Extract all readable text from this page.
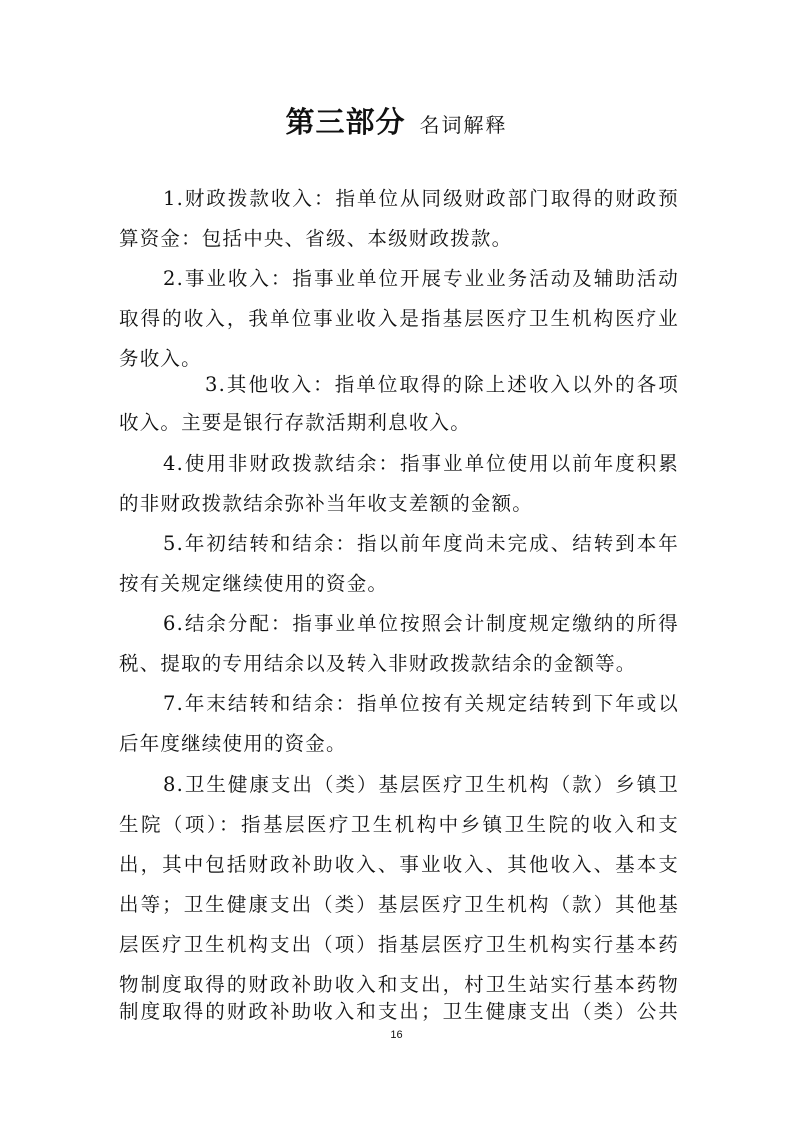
第三部分 名词解释
1.财政拨款收入：指单位从同级财政部门取得的财政预
算资金：包括中央、省级、本级财政拨款。
2.事业收入：指事业单位开展专业业务活动及辅助活动
取得的收入，我单位事业收入是指基层医疗卫生机构医疗业
务收入。
3.其他收入：指单位取得的除上述收入以外的各项
收入。主要是银行存款活期利息收入。
4.使用非财政拨款结余：指事业单位使用以前年度积累
的非财政拨款结余弥补当年收支差额的金额。
5.年初结转和结余：指以前年度尚未完成、结转到本年
按有关规定继续使用的资金。
6.结余分配：指事业单位按照会计制度规定缴纳的所得
税、提取的专用结余以及转入非财政拨款结余的金额等。
7.年末结转和结余：指单位按有关规定结转到下年或以
后年度继续使用的资金。
8.卫生健康支出（类）基层医疗卫生机构（款）乡镇卫
生院（项）：指基层医疗卫生机构中乡镇卫生院的收入和支
出，其中包括财政补助收入、事业收入、其他收入、基本支
出等；卫生健康支出（类）基层医疗卫生机构（款）其他基
层医疗卫生机构支出（项）指基层医疗卫生机构实行基本药
物制度取得的财政补助收入和支出，村卫生站实行基本药物
制度取得的财政补助收入和支出；卫生健康支出（类）公共
16
